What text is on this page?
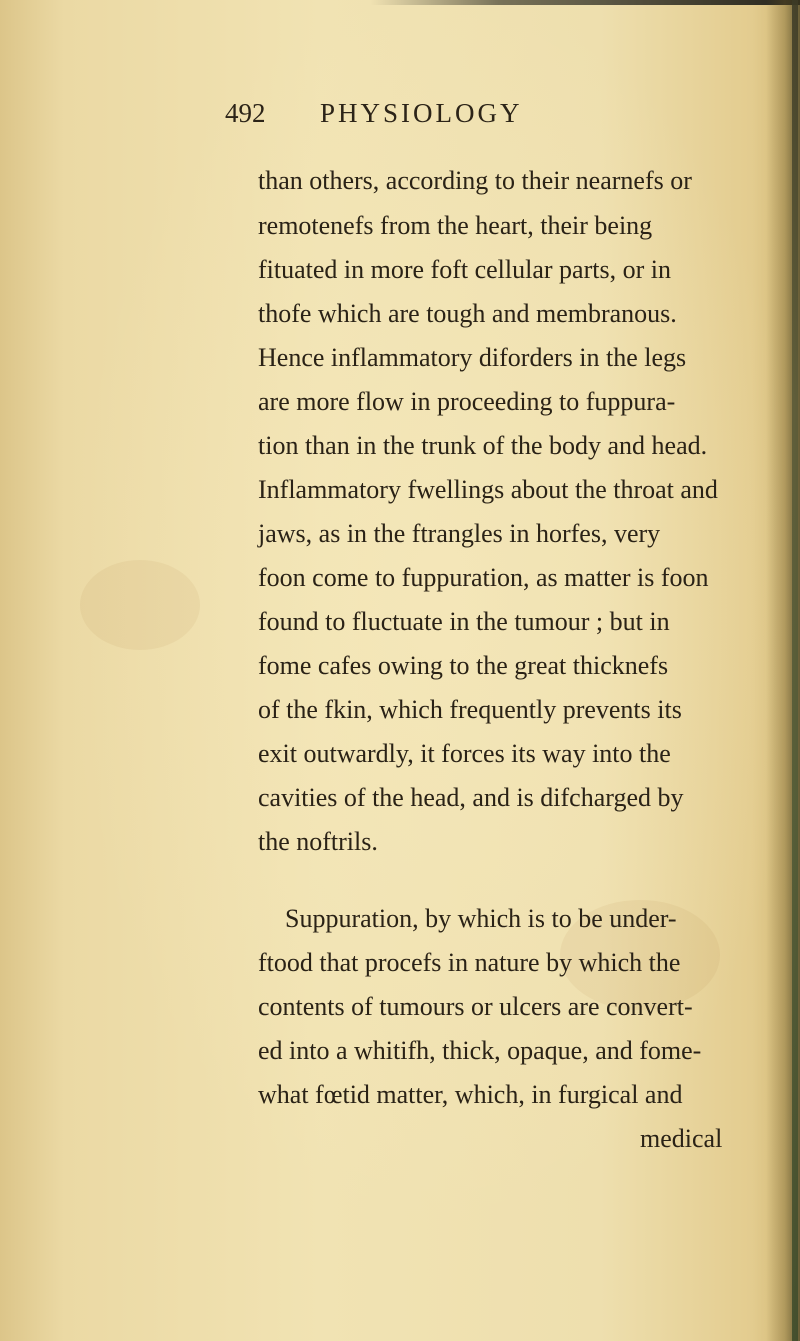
492 PHYSIOLOGY
than others, according to their nearnefs or
remotenefs from the heart, their being
fituated in more foft cellular parts, or in
thofe which are tough and membranous.
Hence inflammatory diforders in the legs
are more flow in proceeding to fuppura-
tion than in the trunk of the body and head.
Inflammatory fwellings about the throat and
jaws, as in the ftrangles in horfes, very
foon come to fuppuration, as matter is foon
found to fluctuate in the tumour ; but in
fome cafes owing to the great thicknefs
of the fkin, which frequently prevents its
exit outwardly, it forces its way into the
cavities of the head, and is difcharged by
the noftrils.
Suppuration, by which is to be under-
ftood that procefs in nature by which the
contents of tumours or ulcers are convert-
ed into a whitifh, thick, opaque, and fome-
what fœtid matter, which, in furgical and
medical
